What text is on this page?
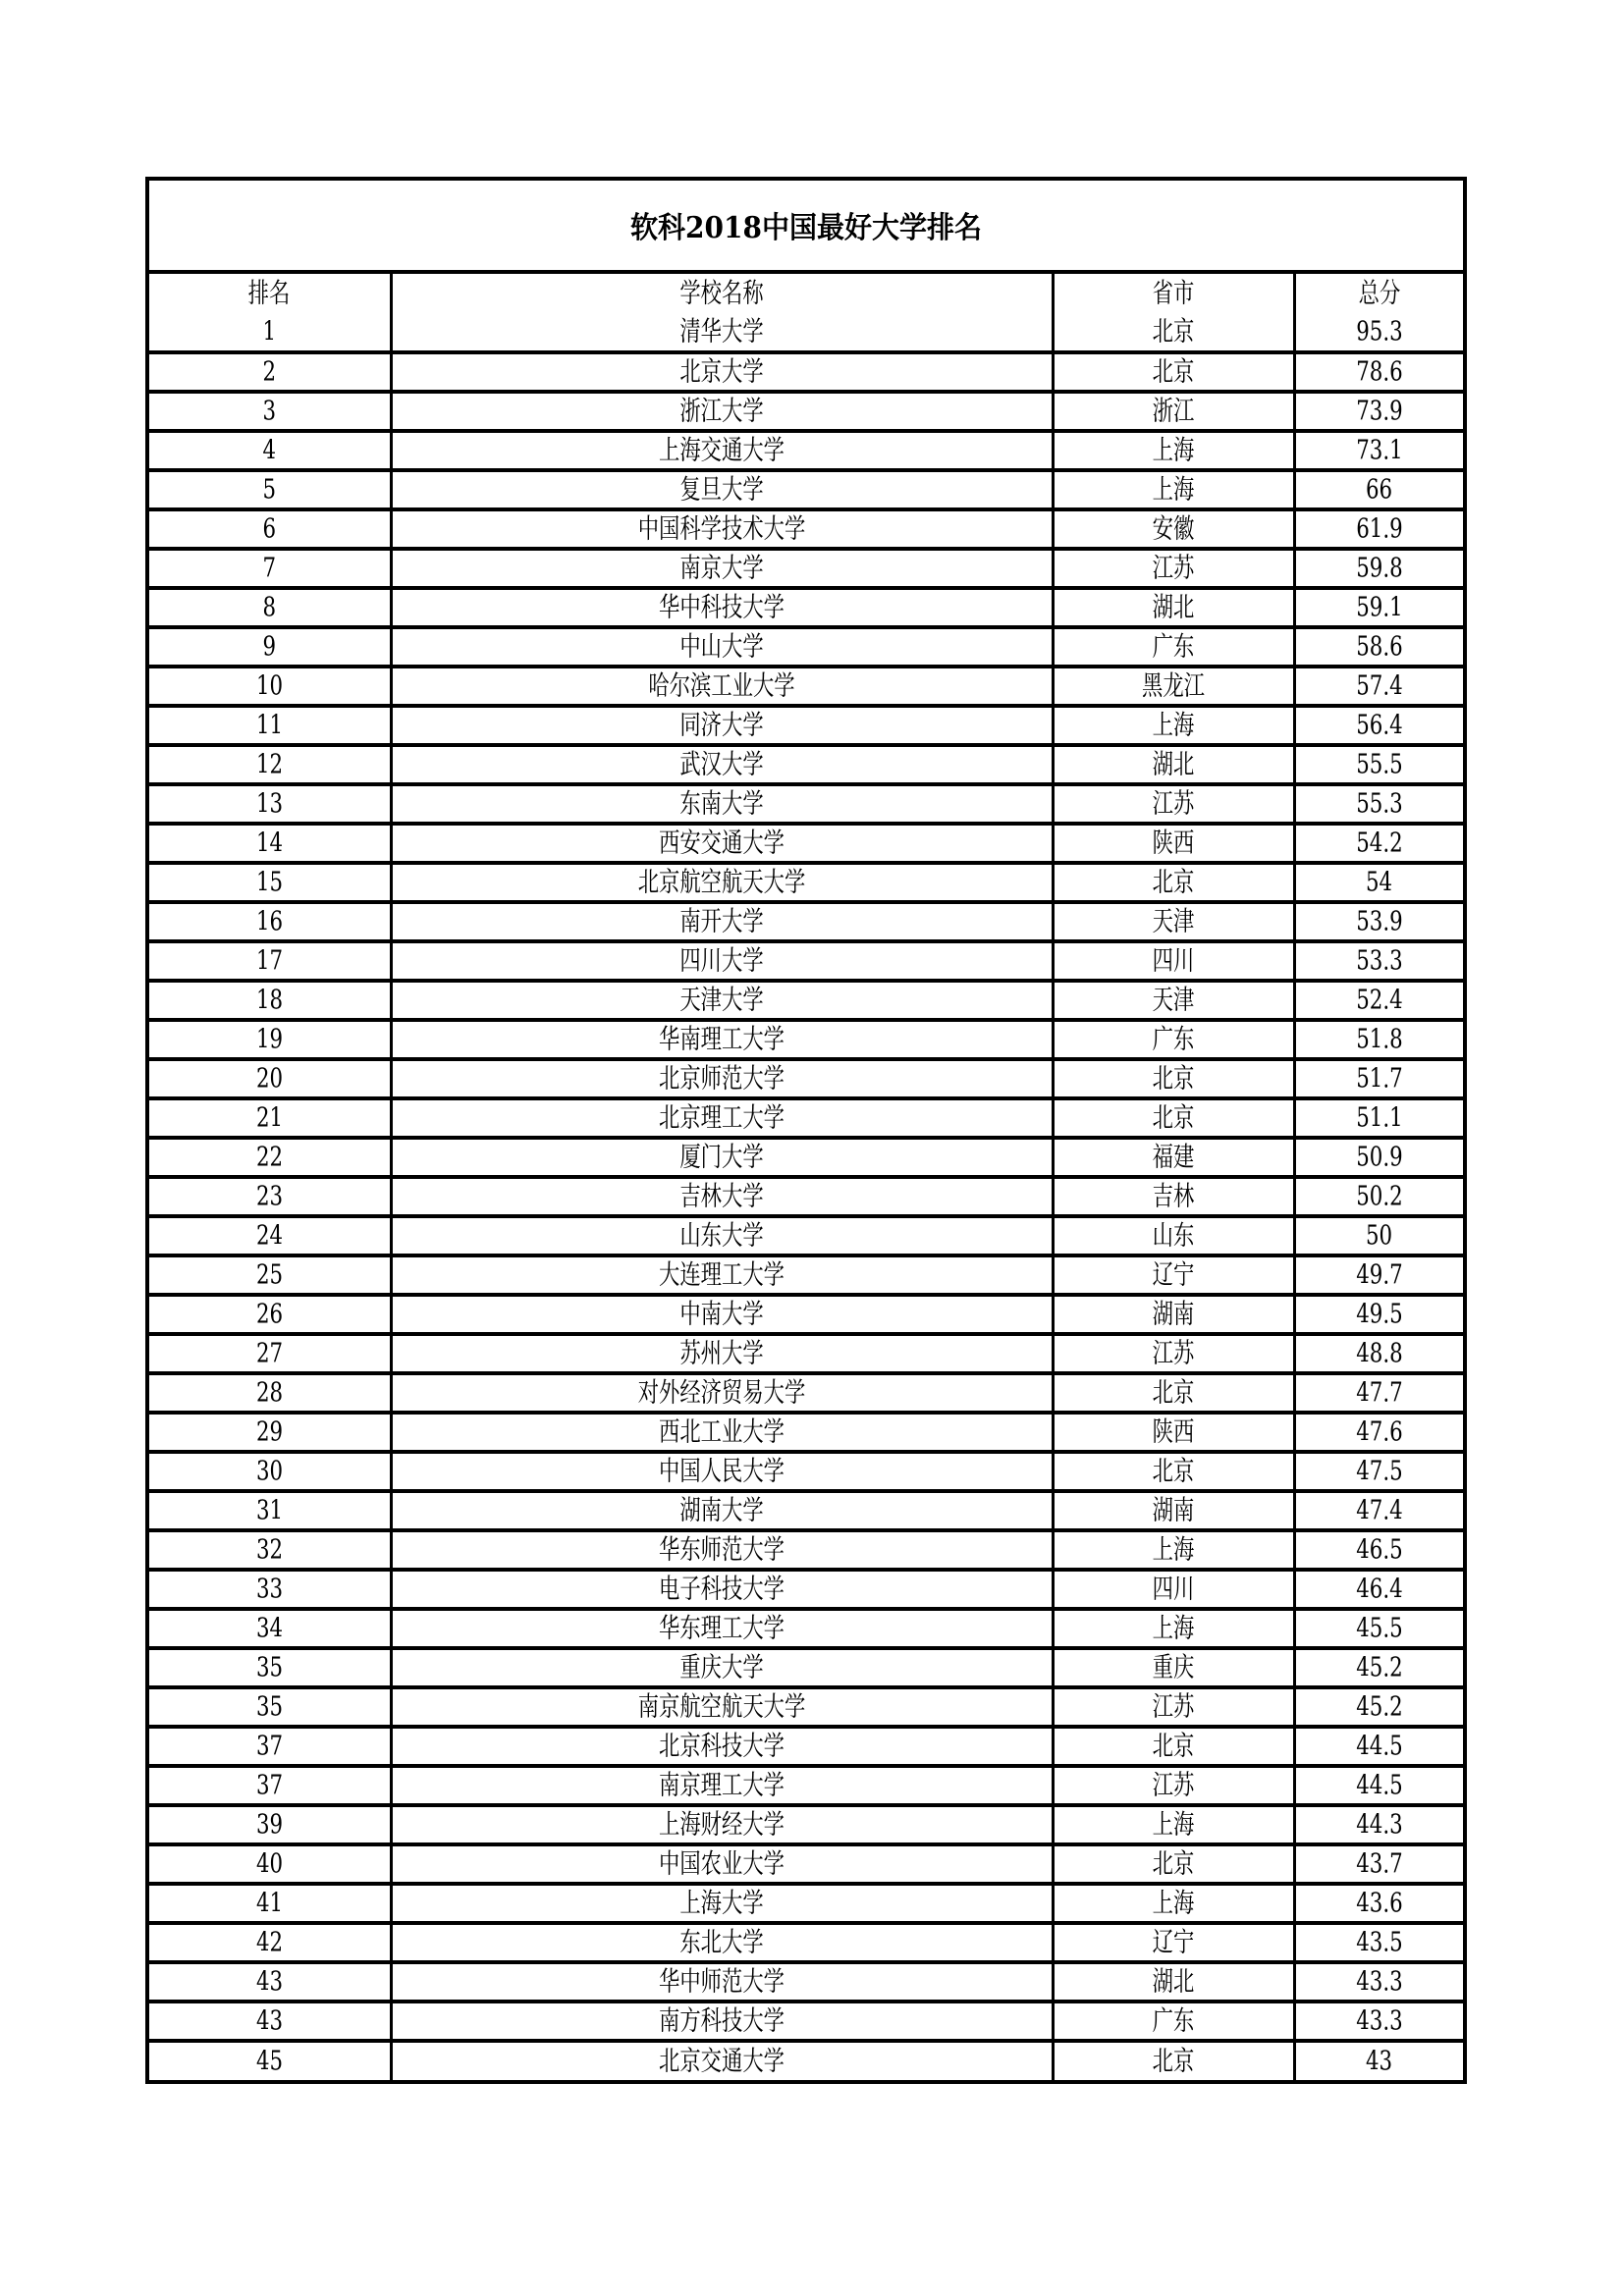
软科2018中国最好大学排名
排名	学校名称	省市	总分
1	清华大学	北京	95.3
2	北京大学	北京	78.6
3	浙江大学	浙江	73.9
4	上海交通大学	上海	73.1
5	复旦大学	上海	66
6	中国科学技术大学	安徽	61.9
7	南京大学	江苏	59.8
8	华中科技大学	湖北	59.1
9	中山大学	广东	58.6
10	哈尔滨工业大学	黑龙江	57.4
11	同济大学	上海	56.4
12	武汉大学	湖北	55.5
13	东南大学	江苏	55.3
14	西安交通大学	陕西	54.2
15	北京航空航天大学	北京	54
16	南开大学	天津	53.9
17	四川大学	四川	53.3
18	天津大学	天津	52.4
19	华南理工大学	广东	51.8
20	北京师范大学	北京	51.7
21	北京理工大学	北京	51.1
22	厦门大学	福建	50.9
23	吉林大学	吉林	50.2
24	山东大学	山东	50
25	大连理工大学	辽宁	49.7
26	中南大学	湖南	49.5
27	苏州大学	江苏	48.8
28	对外经济贸易大学	北京	47.7
29	西北工业大学	陕西	47.6
30	中国人民大学	北京	47.5
31	湖南大学	湖南	47.4
32	华东师范大学	上海	46.5
33	电子科技大学	四川	46.4
34	华东理工大学	上海	45.5
35	重庆大学	重庆	45.2
35	南京航空航天大学	江苏	45.2
37	北京科技大学	北京	44.5
37	南京理工大学	江苏	44.5
39	上海财经大学	上海	44.3
40	中国农业大学	北京	43.7
41	上海大学	上海	43.6
42	东北大学	辽宁	43.5
43	华中师范大学	湖北	43.3
43	南方科技大学	广东	43.3
45	北京交通大学	北京	43
